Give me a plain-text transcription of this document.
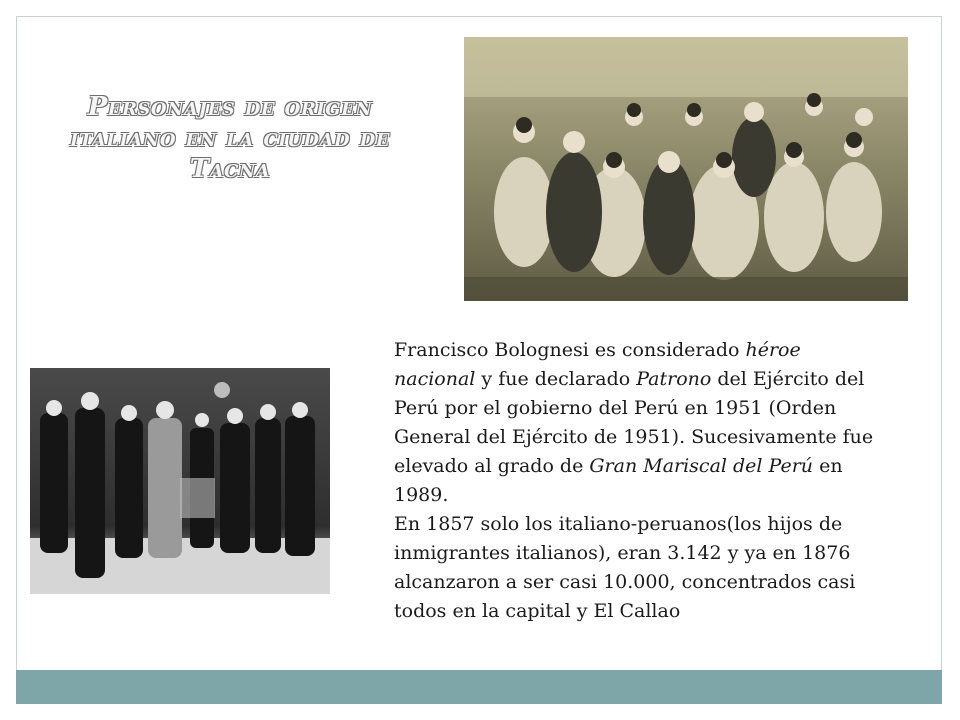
Personajes de origen italiano en la ciudad de Tacna

Francisco Bolognesi es considerado héroe nacional y fue declarado Patrono del Ejército del Perú por el gobierno del Perú en 1951 (Orden General del Ejército de 1951). Sucesivamente fue elevado al grado de Gran Mariscal del Perú en 1989.

En 1857 solo los italiano-peruanos(los hijos de inmigrantes italianos), eran 3.142 y ya en 1876 alcanzaron a ser casi 10.000, concentrados casi todos en la capital y El Callao
